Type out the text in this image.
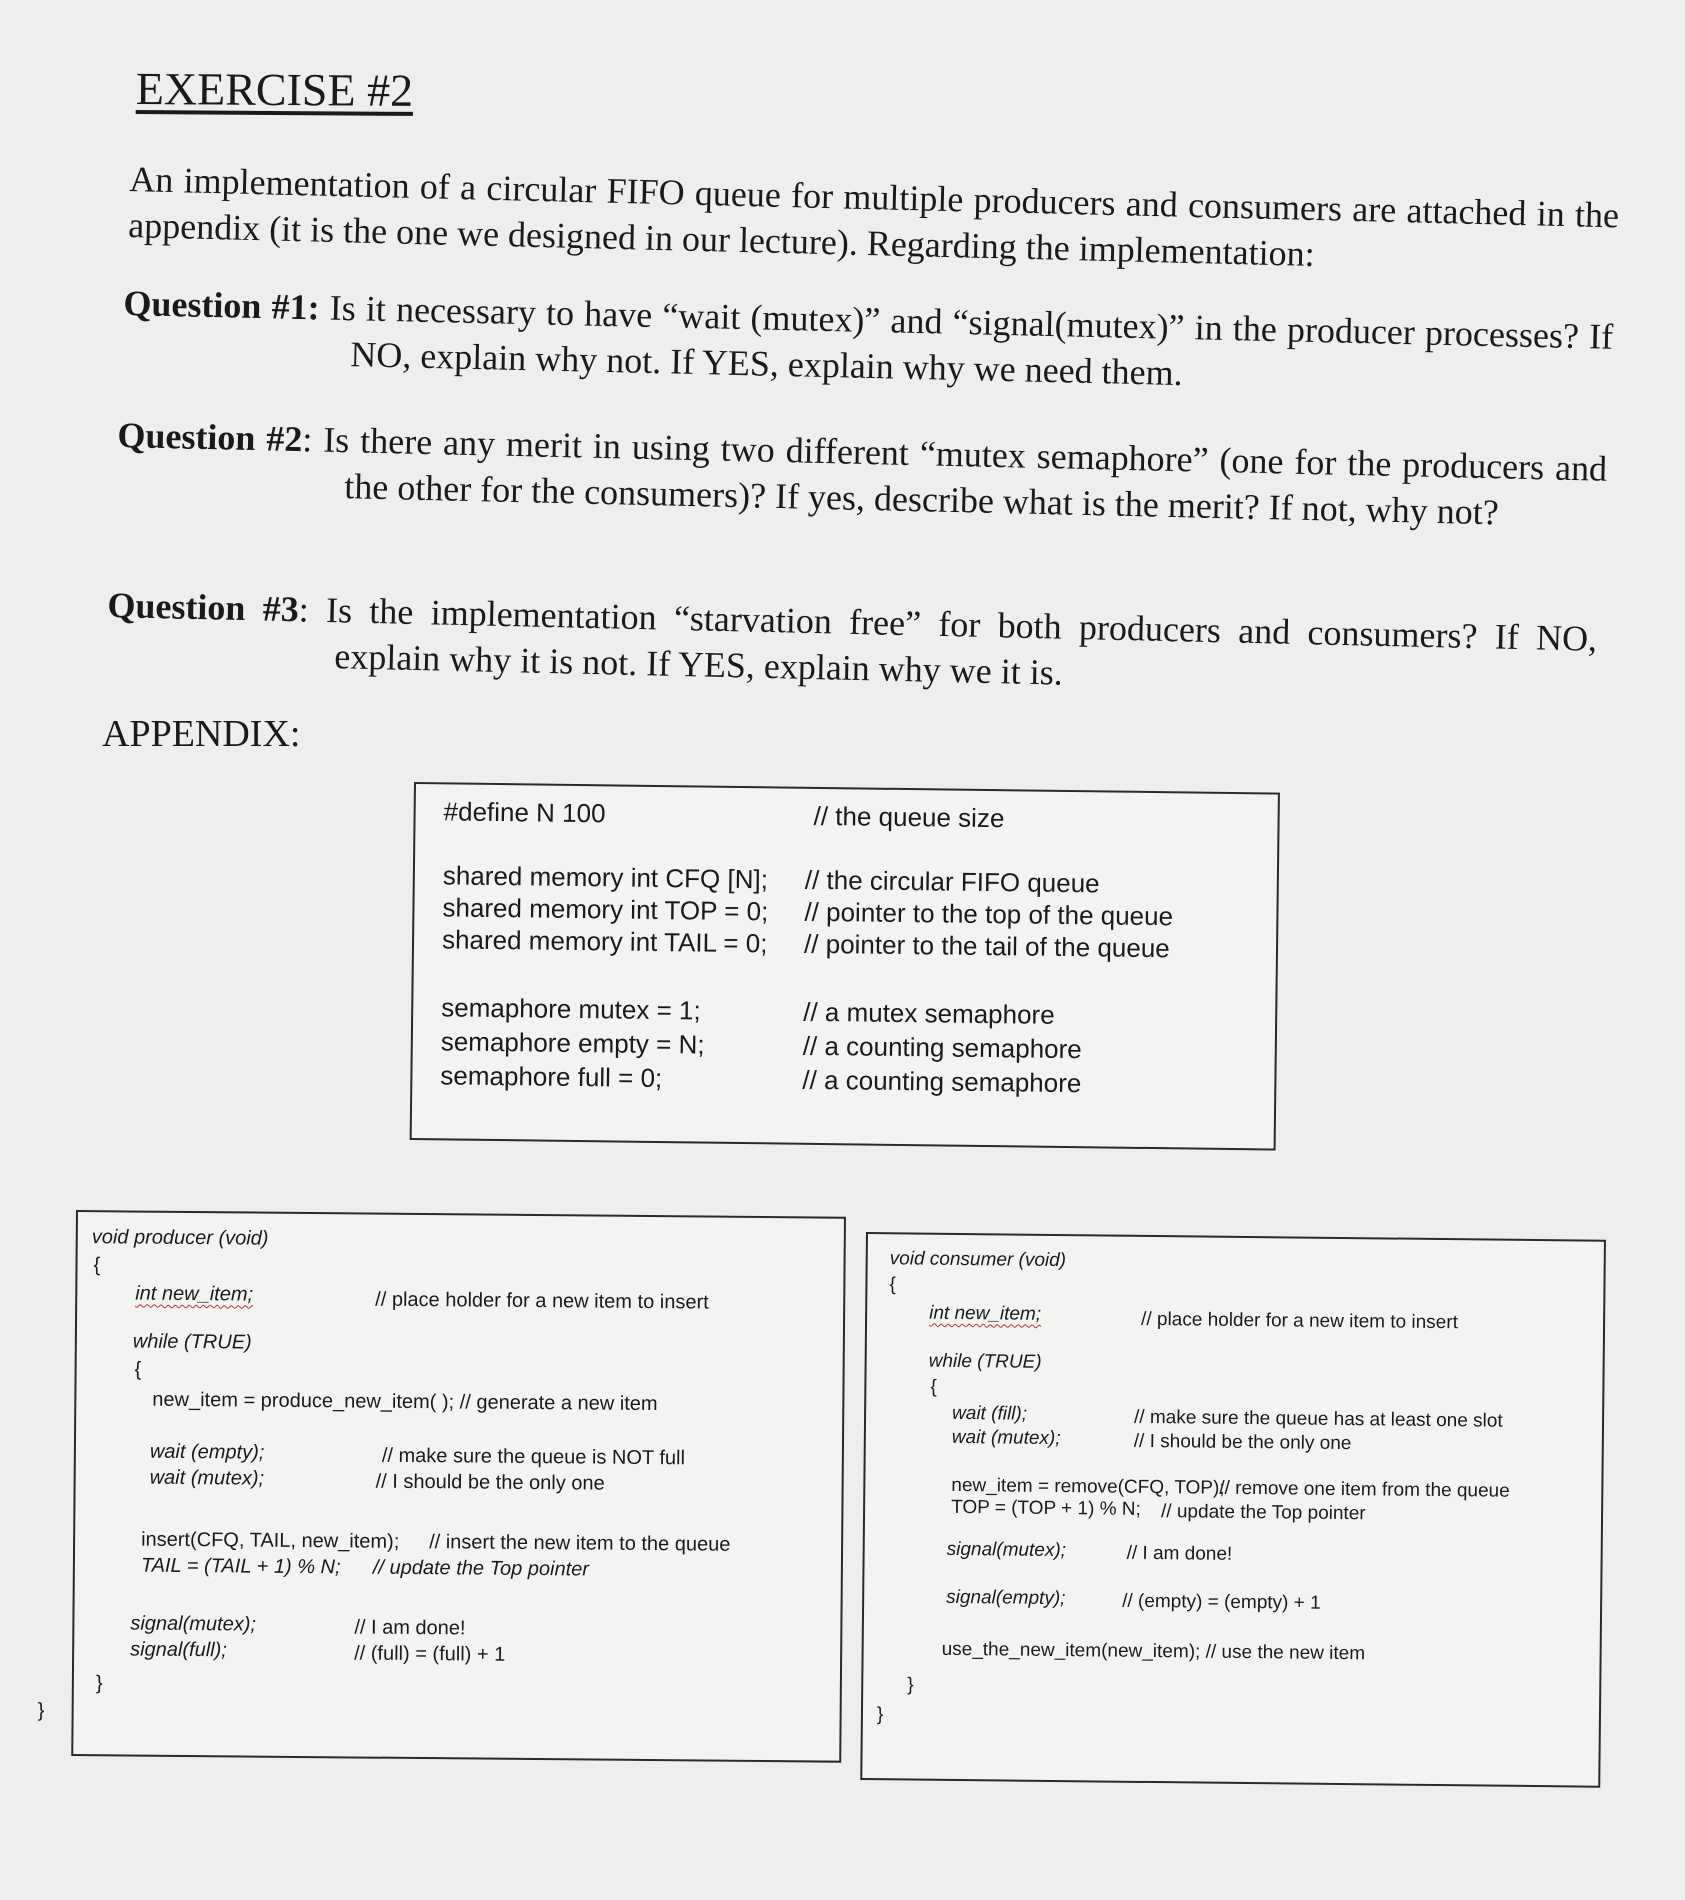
EXERCISE #2
An implementation of a circular FIFO queue for multiple producers and consumers are attached in the appendix (it is the one we designed in our lecture). Regarding the implementation:
Question #1: Is it necessary to have “wait (mutex)” and “signal(mutex)” in the producer processes? If NO, explain why not. If YES, explain why we need them.
Question #2: Is there any merit in using two different “mutex semaphore” (one for the producers and the other for the consumers)? If yes, describe what is the merit? If not, why not?
Question #3: Is the implementation “starvation free” for both producers and consumers? If NO, explain why it is not. If YES, explain why we it is.
APPENDIX:
#define N 100	// the queue size
shared memory int CFQ [N]; // the circular FIFO queue
shared memory int TOP = 0; // pointer to the top of the queue
shared memory int TAIL = 0; // pointer to the tail of the queue
semaphore mutex = 1;	// a mutex semaphore
semaphore empty = N;	// a counting semaphore
semaphore full = 0;	// a counting semaphore
void producer (void)
{
int new_item;	// place holder for a new item to insert
while (TRUE)
{
new_item = produce_new_item( ); // generate a new item
wait (empty);	// make sure the queue is NOT full
wait (mutex);	// I should be the only one
insert(CFQ, TAIL, new_item); // insert the new item to the queue
TAIL = (TAIL + 1) % N; // update the Top pointer
signal(mutex);	// I am done!
signal(full);	// (full) = (full) + 1
}
}
void consumer (void)
{
int new_item;	// place holder for a new item to insert
while (TRUE)
{
wait (fill);	// make sure the queue has at least one slot
wait (mutex);	// I should be the only one
new_item = remove(CFQ, TOP);
// remove one item from the queue
TOP = (TOP + 1) % N; // update the Top pointer
signal(mutex);	// I am done!
signal(empty);	// (empty) = (empty) + 1
use_the_new_item(new_item); // use the new item
}
}
